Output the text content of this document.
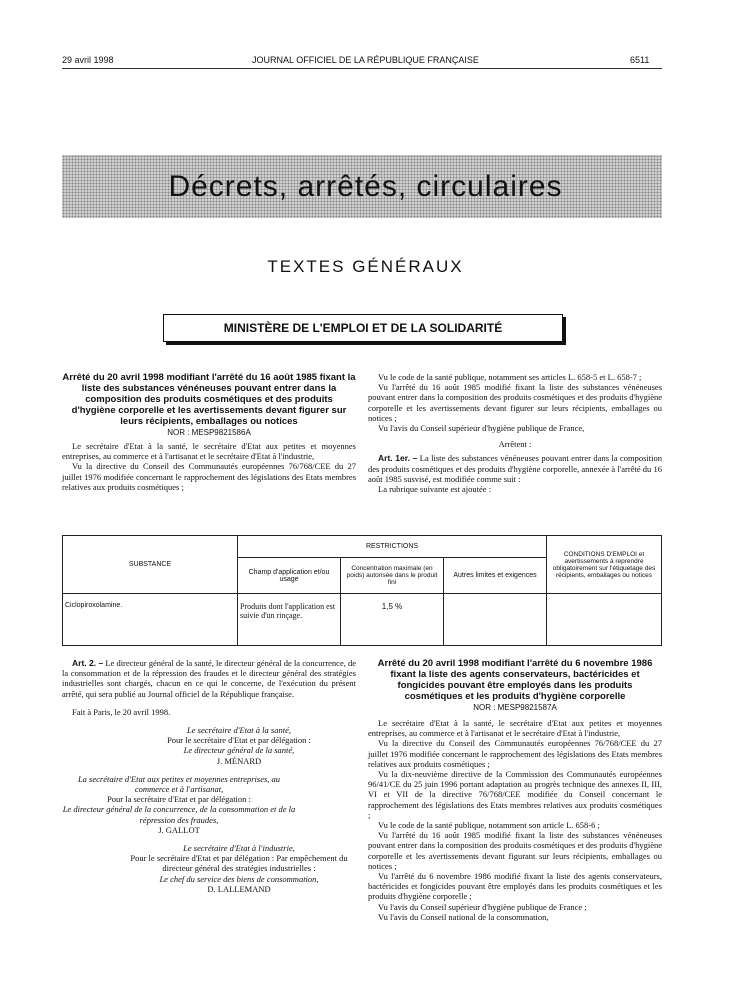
29 avril 1998	JOURNAL OFFICIEL DE LA RÉPUBLIQUE FRANÇAISE	6511
Décrets, arrêtés, circulaires
TEXTES GÉNÉRAUX
MINISTÈRE DE L'EMPLOI ET DE LA SOLIDARITÉ
Arrêté du 20 avril 1998 modifiant l'arrêté du 16 août 1985 fixant la liste des substances vénéneuses pouvant entrer dans la composition des produits cosmétiques et des produits d'hygiène corporelle et les avertissements devant figurer sur leurs récipients, emballages ou notices
NOR : MESP9821586A

Le secrétaire d'Etat à la santé, le secrétaire d'Etat aux petites et moyennes entreprises, au commerce et à l'artisanat et le secrétaire d'Etat à l'industrie,

Vu la directive du Conseil des Communautés européennes 76/768/CEE du 27 juillet 1976 modifiée concernant le rapprochement des législations des Etats membres relatives aux produits cosmétiques ;

Vu le code de la santé publique, notamment ses articles L. 658-5 et L. 658-7 ;

Vu l'arrêté du 16 août 1985 modifié fixant la liste des substances vénéneuses pouvant entrer dans la composition des produits cosmétiques et des produits d'hygiène corporelle et les avertissements devant figurer sur leurs récipients, emballages ou notices ;

Vu l'avis du Conseil supérieur d'hygiène publique de France,

Arrêtent :

Art. 1er. – La liste des substances vénéneuses pouvant entrer dans la composition des produits cosmétiques et des produits d'hygiène corporelle, annexée à l'arrêté du 16 août 1985 susvisé, est modifiée comme suit :

La rubrique suivante est ajoutée :

SUBSTANCE	RESTRICTIONS			CONDITIONS D'EMPLOI et avertissements à reprendre obligatoirement sur l'étiquetage des récipients, emballages ou notices
	Champ d'application et/ou usage	Concentration maximale (en poids) autorisée dans le produit fini	Autres limites et exigences	
Ciclopiroxolamine.	Produits dont l'application est suivie d'un rinçage.	1,5 %		

Art. 2. – Le directeur général de la santé, le directeur général de la concurrence, de la consommation et de la répression des fraudes et le directeur général des stratégies industrielles sont chargés, chacun en ce qui le concerne, de l'exécution du présent arrêté, qui sera publié au Journal officiel de la République française.

Fait à Paris, le 20 avril 1998.

Le secrétaire d'Etat à la santé,
Pour le secrétaire d'Etat et par délégation :
Le directeur général de la santé,
J. MÉNARD
La secrétaire d'Etat aux petites et moyennes entreprises, au commerce et à l'artisanat,
Pour la secrétaire d'Etat et par délégation :
Le directeur général de la concurrence, de la consommation et de la répression des fraudes,
J. GALLOT
Le secrétaire d'Etat à l'industrie,
Pour le secrétaire d'Etat et par délégation : Par empêchement du directeur général des stratégies industrielles :
Le chef du service des biens de consommation,
D. LALLEMAND
Arrêté du 20 avril 1998 modifiant l'arrêté du 6 novembre 1986 fixant la liste des agents conservateurs, bactéricides et fongicides pouvant être employés dans les produits cosmétiques et les produits d'hygiène corporelle
NOR : MESP9821587A

Le secrétaire d'Etat à la santé, le secrétaire d'Etat aux petites et moyennes entreprises, au commerce et à l'artisanat et le secrétaire d'Etat à l'industrie,

Vu la directive du Conseil des Communautés européennes 76/768/CEE du 27 juillet 1976 modifiée concernant le rapprochement des législations des Etats membres relatives aux produits cosmétiques ;

Vu la dix-neuvième directive de la Commission des Communautés européennes 96/41/CE du 25 juin 1996 portant adaptation au progrès technique des annexes II, III, VI et VII de la directive 76/768/CEE modifiée du Conseil concernant le rapprochement des législations des Etats membres relatives aux produits cosmétiques ;

Vu le code de la santé publique, notamment son article L. 658-6 ;

Vu l'arrêté du 16 août 1985 modifié fixant la liste des substances vénéneuses pouvant entrer dans la composition des produits cosmétiques et des produits d'hygiène corporelle et les avertissements devant figurant sur leurs récipients, emballages ou notices ;

Vu l'arrêté du 6 novembre 1986 modifié fixant la liste des agents conservateurs, bactéricides et fongicides pouvant être employés dans les produits cosmétiques et les produits d'hygiène corporelle ;

Vu l'avis du Conseil supérieur d'hygiène publique de France ;

Vu l'avis du Conseil national de la consommation,
